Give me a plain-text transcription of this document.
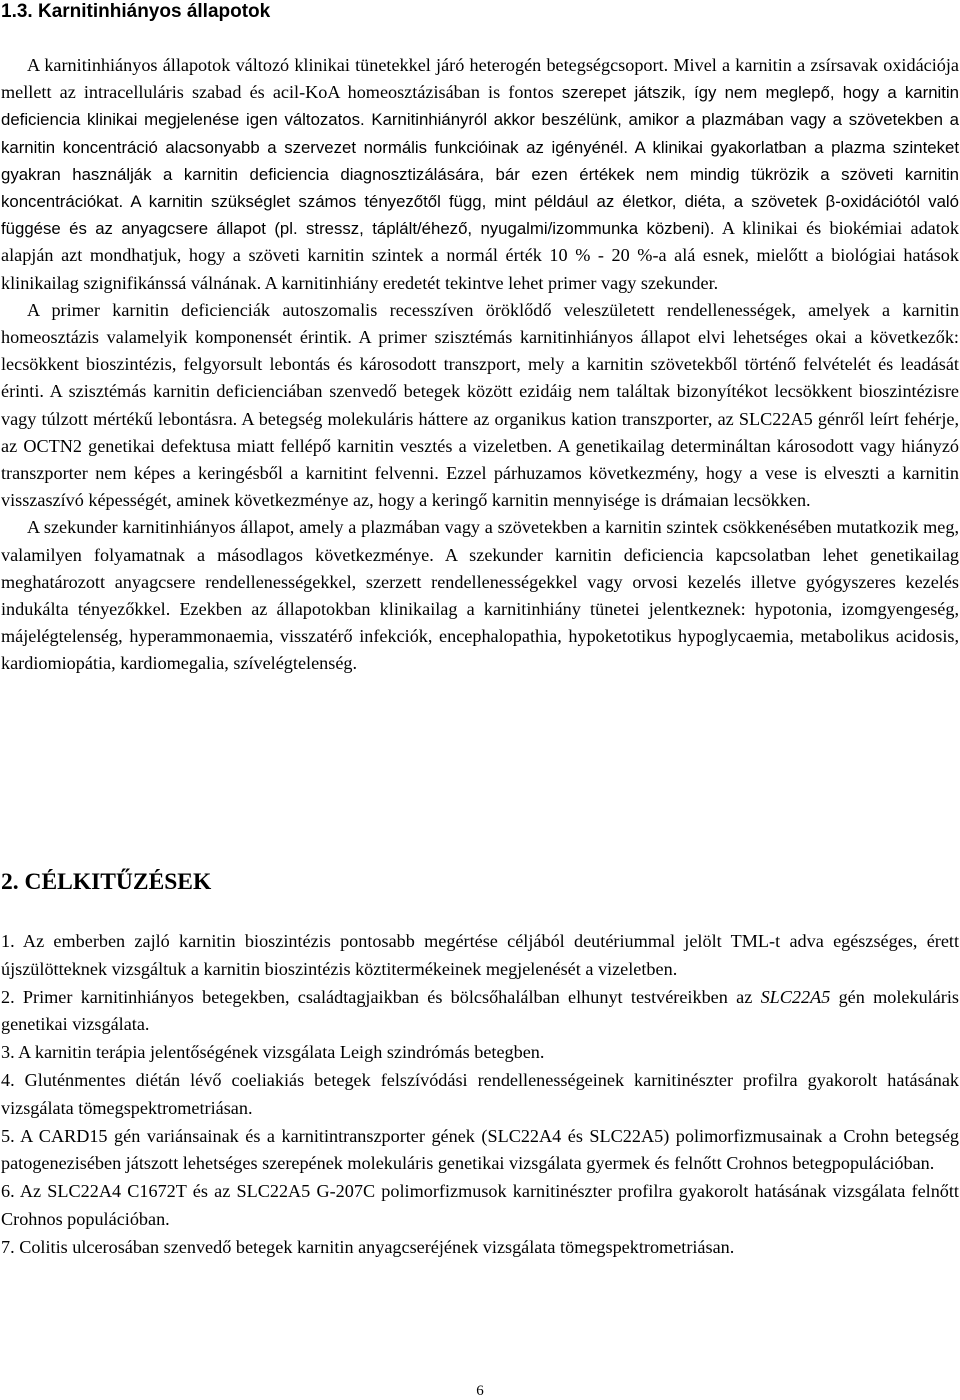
1.3. Karnitinhiányos állapotok

A karnitinhiányos állapotok változó klinikai tünetekkel járó heterogén betegségcsoport. Mivel a karnitin a zsírsavak oxidációja mellett az intracelluláris szabad és acil-KoA homeosztázisában is fontos szerepet játszik, így nem meglepő, hogy a karnitin deficiencia klinikai megjelenése igen változatos. Karnitinhiányról akkor beszélünk, amikor a plazmában vagy a szövetekben a karnitin koncentráció alacsonyabb a szervezet normális funkcióinak az igényénél. A klinikai gyakorlatban a plazma szinteket gyakran használják a karnitin deficiencia diagnosztizálására, bár ezen értékek nem mindig tükrözik a szöveti karnitin koncentrációkat. A karnitin szükséglet számos tényezőtől függ, mint például az életkor, diéta, a szövetek β-oxidációtól való függése és az anyagcsere állapot (pl. stressz, táplált/éhező, nyugalmi/izommunka közbeni). A klinikai és biokémiai adatok alapján azt mondhatjuk, hogy a szöveti karnitin szintek a normál érték 10 % - 20 %-a alá esnek, mielőtt a biológiai hatások klinikailag szignifikánssá válnának. A karnitinhiány eredetét tekintve lehet primer vagy szekunder.

A primer karnitin deficienciák autoszomalis recesszíven öröklődő veleszületett rendellenességek, amelyek a karnitin homeosztázis valamelyik komponensét érintik. A primer szisztémás karnitinhiányos állapot elvi lehetséges okai a következők: lecsökkent bioszintézis, felgyorsult lebontás és károsodott transzport, mely a karnitin szövetekből történő felvételét és leadását érinti. A szisztémás karnitin deficienciában szenvedő betegek között ezidáig nem találtak bizonyítékot lecsökkent bioszintézisre vagy túlzott mértékű lebontásra. A betegség molekuláris háttere az organikus kation transzporter, az SLC22A5 génről leírt fehérje, az OCTN2 genetikai defektusa miatt fellépő karnitin vesztés a vizeletben. A genetikailag determináltan károsodott vagy hiányzó transzporter nem képes a keringésből a karnitint felvenni. Ezzel párhuzamos következmény, hogy a vese is elveszti a karnitin visszaszívó képességét, aminek következménye az, hogy a keringő karnitin mennyisége is drámaian lecsökken.

A szekunder karnitinhiányos állapot, amely a plazmában vagy a szövetekben a karnitin szintek csökkenésében mutatkozik meg, valamilyen folyamatnak a másodlagos következménye. A szekunder karnitin deficiencia kapcsolatban lehet genetikailag meghatározott anyagcsere rendellenességekkel, szerzett rendellenességekkel vagy orvosi kezelés illetve gyógyszeres kezelés indukálta tényezőkkel. Ezekben az állapotokban klinikailag a karnitinhiány tünetei jelentkeznek: hypotonia, izomgyengeség, májelégtelenség, hyperammonaemia, visszatérő infekciók, encephalopathia, hypoketotikus hypoglycaemia, metabolikus acidosis, kardiomiopátia, kardiomegalia, szívelégtelenség.

2. CÉLKITŰZÉSEK
1. Az emberben zajló karnitin bioszintézis pontosabb megértése céljából deutériummal jelölt TML-t adva egészséges, érett újszülötteknek vizsgáltuk a karnitin bioszintézis köztitermékeinek megjelenését a vizeletben.
2. Primer karnitinhiányos betegekben, családtagjaikban és bölcsőhalálban elhunyt testvéreikben az SLC22A5 gén molekuláris genetikai vizsgálata.
3. A karnitin terápia jelentőségének vizsgálata Leigh szindrómás betegben.
4. Gluténmentes diétán lévő coeliakiás betegek felszívódási rendellenességeinek karnitinészter profilra gyakorolt hatásának vizsgálata tömegspektrometriásan.
5. A CARD15 gén variánsainak és a karnitintranszporter gének (SLC22A4 és SLC22A5) polimorfizmusainak a Crohn betegség patogenezisében játszott lehetséges szerepének molekuláris genetikai vizsgálata gyermek és felnőtt Crohnos betegpopulációban.
6. Az SLC22A4 C1672T és az SLC22A5 G-207C polimorfizmusok karnitinészter profilra gyakorolt hatásának vizsgálata felnőtt Crohnos populációban.
7. Colitis ulcerosában szenvedő betegek karnitin anyagcseréjének vizsgálata tömegspektrometriásan.
6
